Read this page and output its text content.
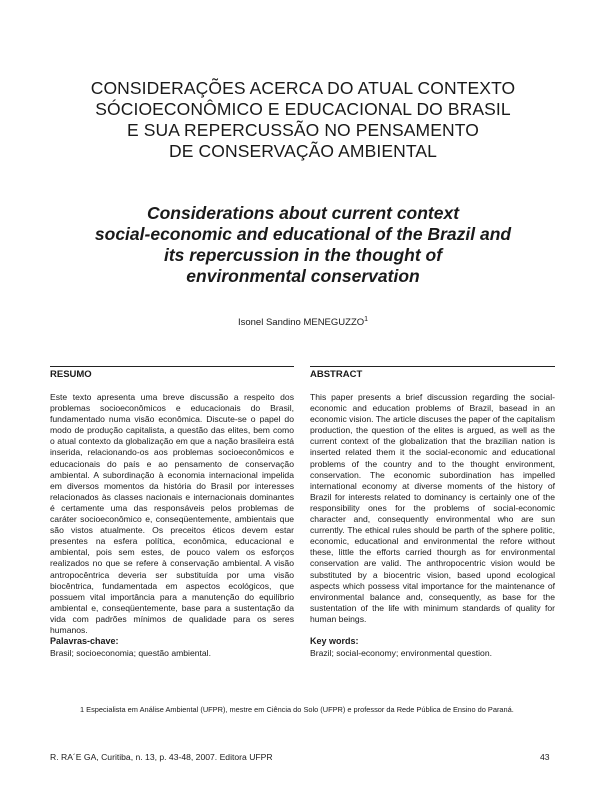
CONSIDERAÇÕES ACERCA DO ATUAL CONTEXTO
SÓCIOECONÔMICO E EDUCACIONAL DO BRASIL
E SUA REPERCUSSÃO NO PENSAMENTO
DE CONSERVAÇÃO AMBIENTAL
Considerations about current context
social-economic and educational of the Brazil and
its repercussion in the thought of
environmental conservation
Isonel Sandino MENEGUZZO$^1$
RESUMO	ABSTRACT

Este texto apresenta uma breve discussão a respeito dos problemas socioeconômicos e educacionais do Brasil, fundamentado numa visão econômica. Discute-se o papel do modo de produção capitalista, a questão das elites, bem como o atual contexto da globalização em que a nação brasileira está inserida, relacionando-os aos problemas socioeconômicos e educacionais do país e ao pensamento de conservação ambiental. A subordinação à economia internacional impelida em diversos momentos da história do Brasil por interesses relacionados às classes nacionais e internacionais dominantes é certamente uma das responsáveis pelos problemas de caráter socioeconômico e, conseqüentemente, ambientais que são vistos atualmente. Os preceitos éticos devem estar presentes na esfera política, econômica, educacional e ambiental, pois sem estes, de pouco valem os esforços realizados no que se refere à conservação ambiental. A visão antropocêntrica deveria ser substituída por uma visão biocêntrica, fundamentada em aspectos ecológicos, que possuem vital importância para a manutenção do equilíbrio ambiental e, conseqüentemente, base para a sustentação da vida com padrões mínimos de qualidade para os seres humanos.

This paper presents a brief discussion regarding the social-economic and education problems of Brazil, basead in an economic vision. The article discuses the paper of the capitalism production, the question of the elites is argued, as well as the current context of the globalization that the brazilian nation is inserted related them it the social-economic and educational problems of the country and to the thought environment, conservation. The economic subordination has impelled international economy at diverse moments of the history of Brazil for interests related to dominancy is certainly one of the responsibility ones for the problems of social-economic character and, consequently environmental who are sun currently. The ethical rules should be parth of the sphere politic, economic, educational and environmental the refore without these, little the efforts carried thourgh as for environmental conservation are valid. The anthropocentric vision would be substituted by a biocentric vision, based upond ecological aspects which possess vital importance for the maintenance of environmental balance and, consequently, as base for the sustentation of the life with minimum standards of quality for human beings.

Palavras-chave:

Brasil; socioeconomia; questão ambiental.

Key words:

Brazil; social-economy; environmental question.

1 Especialista em Análise Ambiental (UFPR), mestre em Ciência do Solo (UFPR) e professor da Rede Pública de Ensino do Paraná.

R. RA´E GA, Curitiba, n. 13, p. 43-48, 2007. Editora UFPR	43
